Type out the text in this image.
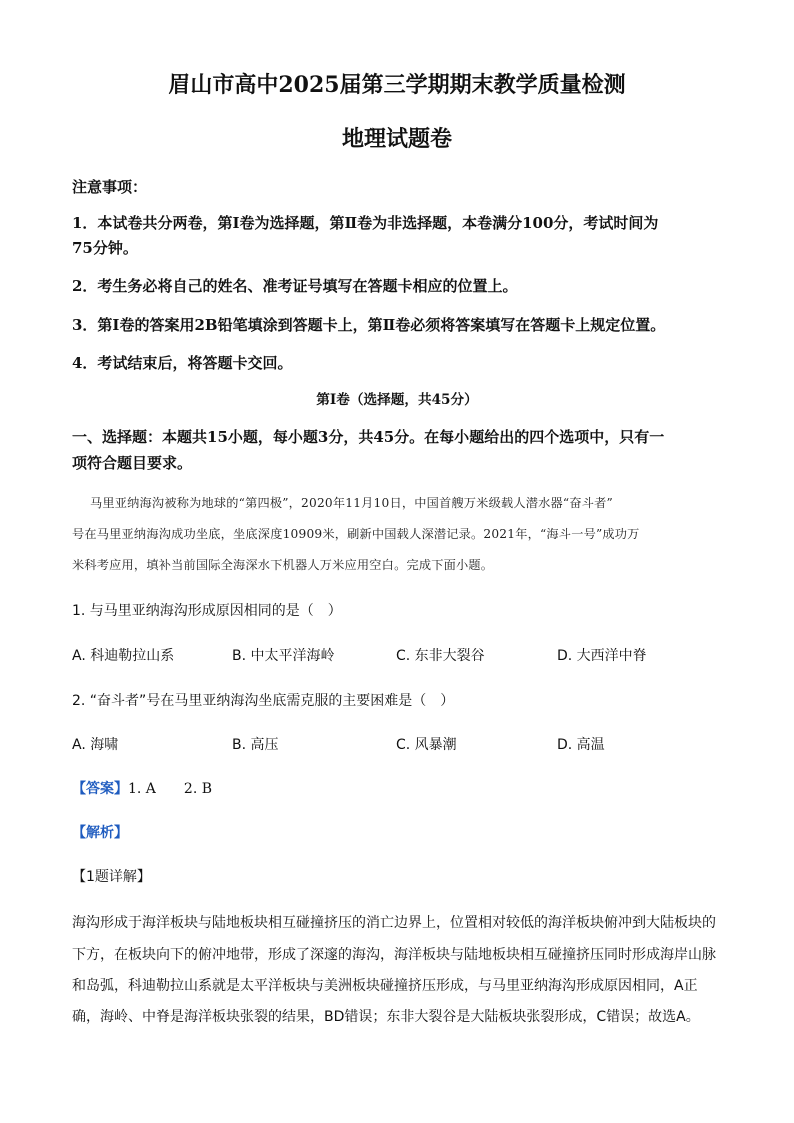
眉山市高中2025届第三学期期末教学质量检测
地理试题卷
注意事项：
1．本试卷共分两卷，第Ⅰ卷为选择题，第Ⅱ卷为非选择题，本卷满分100分，考试时间为
75分钟。
2．考生务必将自己的姓名、准考证号填写在答题卡相应的位置上。
3．第Ⅰ卷的答案用2B铅笔填涂到答题卡上，第Ⅱ卷必须将答案填写在答题卡上规定位置。
4．考试结束后，将答题卡交回。
第Ⅰ卷（选择题，共45分）
一、选择题：本题共15小题，每小题3分，共45分。在每小题给出的四个选项中，只有一
项符合题目要求。
马里亚纳海沟被称为地球的“第四极”，2020年11月10日，中国首艘万米级载人潜水器“奋斗者”
号在马里亚纳海沟成功坐底，坐底深度10909米，刷新中国载人深潜记录。2021年，“海斗一号”成功万
米科考应用，填补当前国际全海深水下机器人万米应用空白。完成下面小题。
1. 与马里亚纳海沟形成原因相同的是（　）
A. 科迪勒拉山系	B. 中太平洋海岭	C. 东非大裂谷	D. 大西洋中脊
2. “奋斗者”号在马里亚纳海沟坐底需克服的主要困难是（　）
A. 海啸	B. 高压	C. 风暴潮	D. 高温
【答案】1. A　　2. B
【解析】
【1题详解】
海沟形成于海洋板块与陆地板块相互碰撞挤压的消亡边界上，位置相对较低的海洋板块俯冲到大陆板块的
下方，在板块向下的俯冲地带，形成了深邃的海沟，海洋板块与陆地板块相互碰撞挤压同时形成海岸山脉
和岛弧，科迪勒拉山系就是太平洋板块与美洲板块碰撞挤压形成，与马里亚纳海沟形成原因相同，A正
确，海岭、中脊是海洋板块张裂的结果，BD错误；东非大裂谷是大陆板块张裂形成，C错误；故选A。
